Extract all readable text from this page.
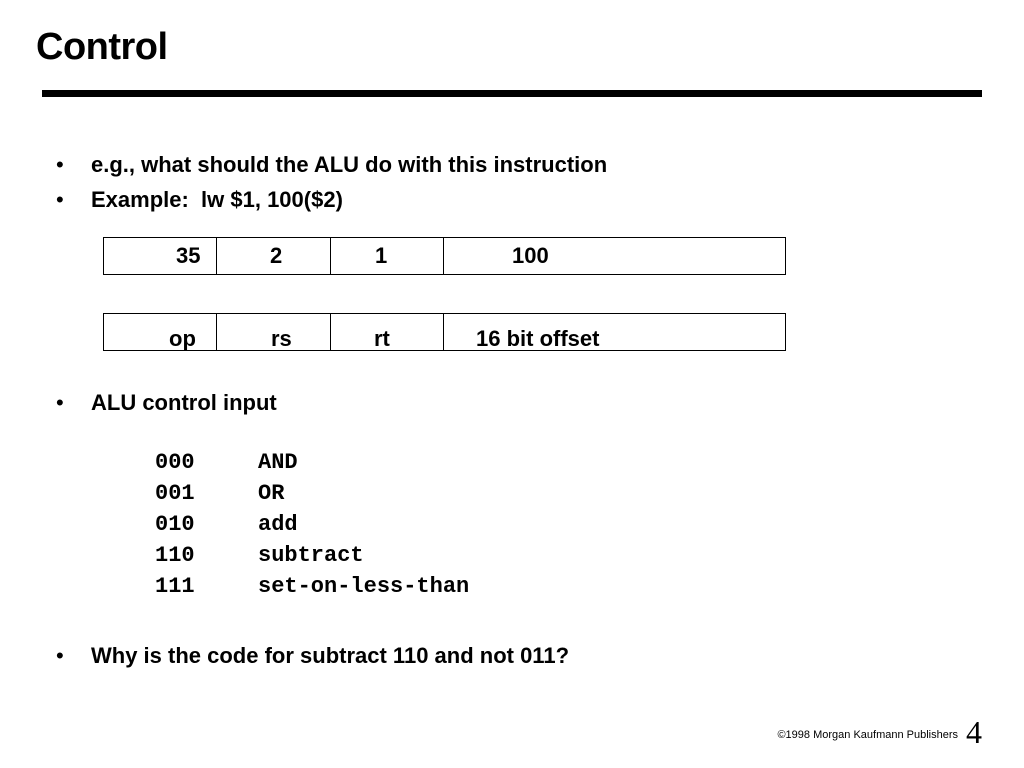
Control
• e.g., what should the ALU do with this instruction
• Example:  lw $1, 100($2)
35	2	1	100
op	rs	rt	16 bit offset
• ALU control input
000	AND
001	OR
010	add
110	subtract
111	set-on-less-than
• Why is the code for subtract 110 and not 011?
©1998 Morgan Kaufmann Publishers 4
